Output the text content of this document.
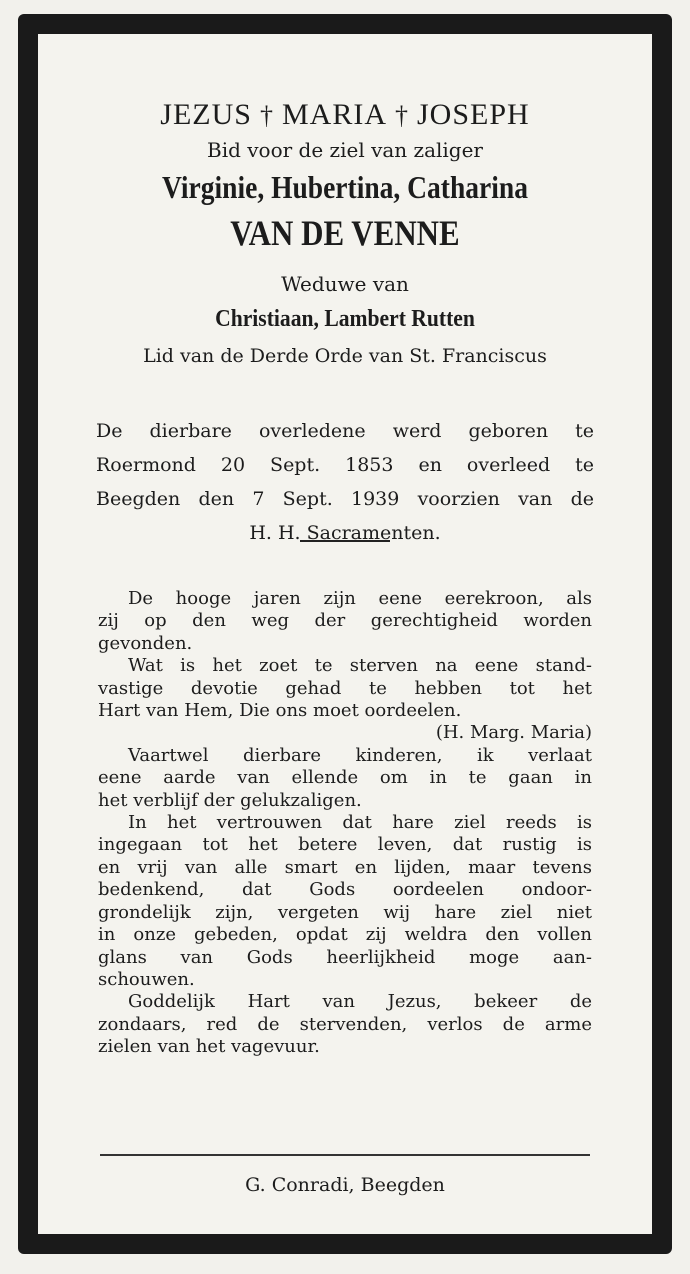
JEZUS † MARIA † JOSEPH
Bid voor de ziel van zaliger
Virginie, Hubertina, Catharina
VAN DE VENNE
Weduwe van
Christiaan, Lambert Rutten
Lid van de Derde Orde van St. Franciscus
De dierbare overledene werd geboren te
Roermond 20 Sept. 1853 en overleed te
Beegden den 7 Sept. 1939 voorzien van de
H. H. Sacramenten.
De hooge jaren zijn eene eerekroon, als
zij op den weg der gerechtigheid worden
gevonden.
Wat is het zoet te sterven na eene stand-
vastige devotie gehad te hebben tot het
Hart van Hem, Die ons moet oordeelen.
(H. Marg. Maria)
Vaartwel dierbare kinderen, ik verlaat
eene aarde van ellende om in te gaan in
het verblijf der gelukzaligen.
In het vertrouwen dat hare ziel reeds is
ingegaan tot het betere leven, dat rustig is
en vrij van alle smart en lijden, maar tevens
bedenkend, dat Gods oordeelen ondoor-
grondelijk zijn, vergeten wij hare ziel niet
in onze gebeden, opdat zij weldra den vollen
glans van Gods heerlijkheid moge aan-
schouwen.
Goddelijk Hart van Jezus, bekeer de
zondaars, red de stervenden, verlos de arme
zielen van het vagevuur.
G. Conradi, Beegden
